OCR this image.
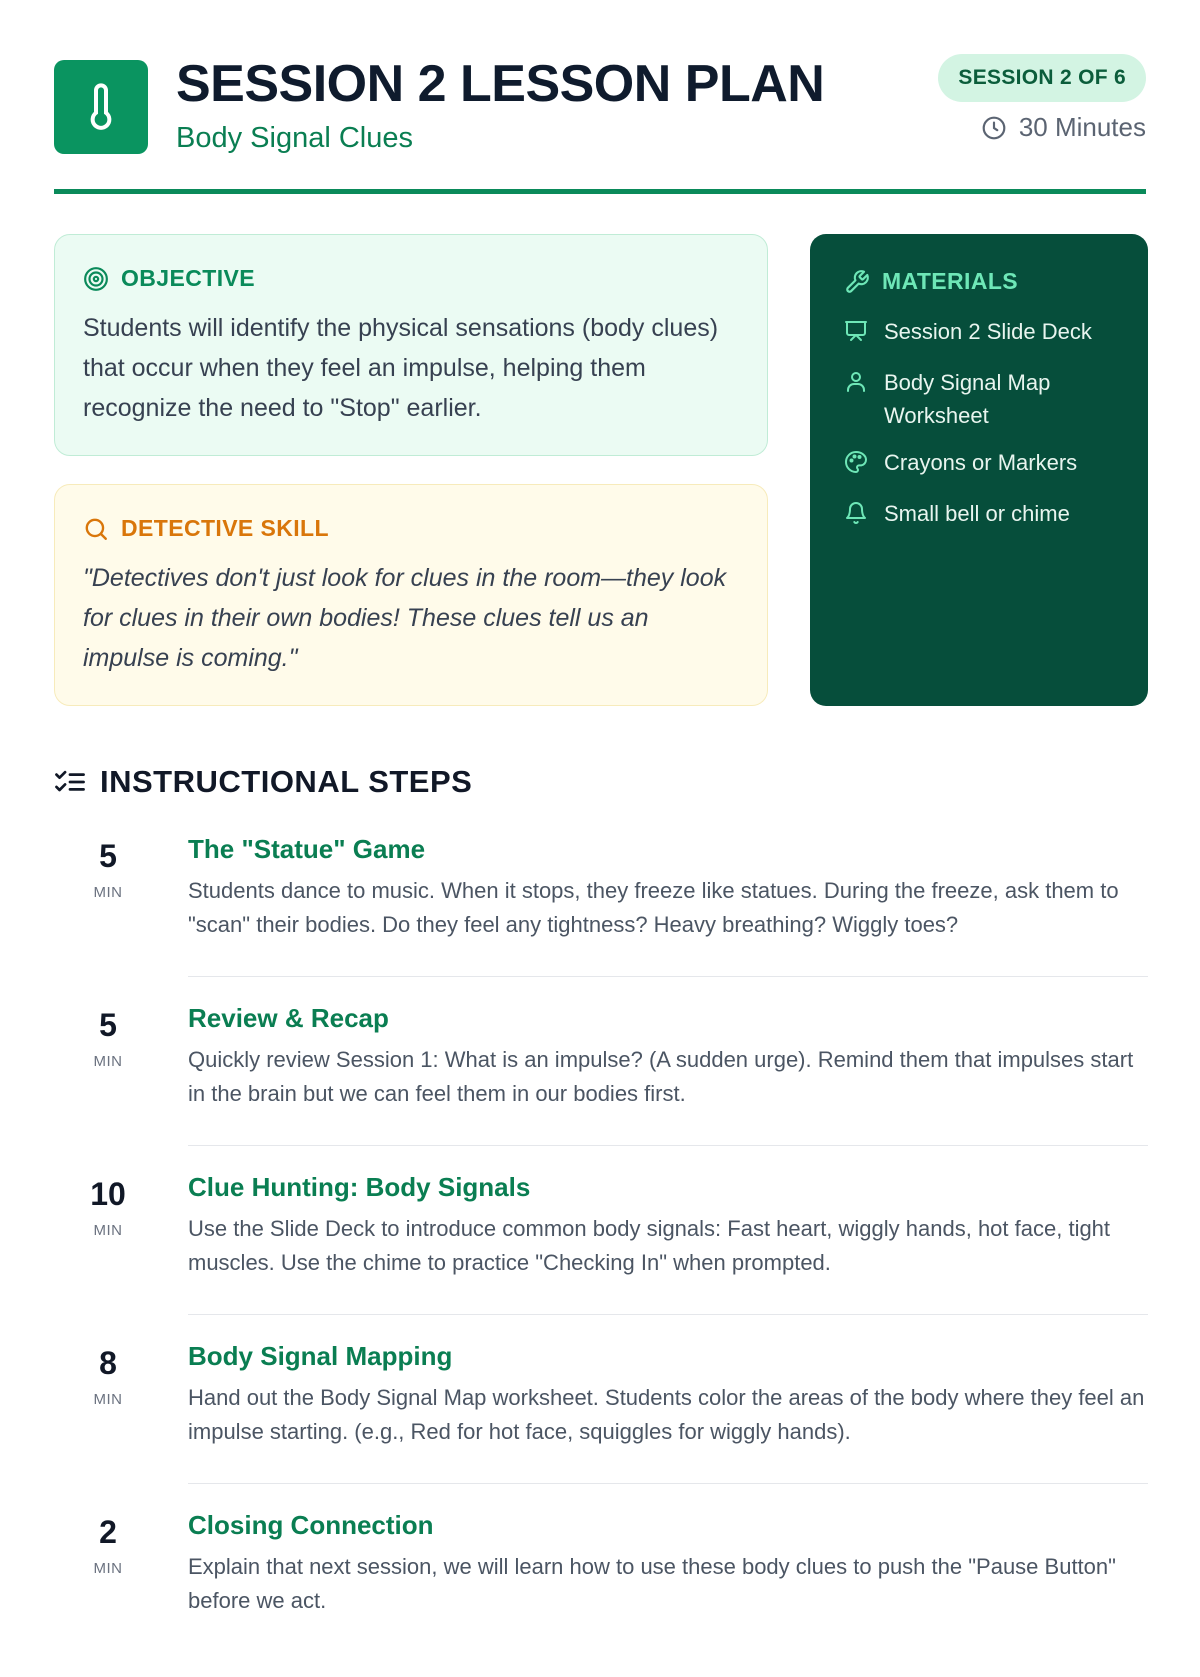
SESSION 2 LESSON PLAN
Body Signal Clues
SESSION 2 OF 6
30 Minutes
OBJECTIVE
Students will identify the physical sensations (body clues) that occur when they feel an impulse, helping them recognize the need to "Stop" earlier.
DETECTIVE SKILL
"Detectives don't just look for clues in the room—they look for clues in their own bodies! These clues tell us an impulse is coming."
MATERIALS
Session 2 Slide Deck
Body Signal Map Worksheet
Crayons or Markers
Small bell or chime
INSTRUCTIONAL STEPS
5
MIN
The "Statue" Game
Students dance to music. When it stops, they freeze like statues. During the freeze, ask them to "scan" their bodies. Do they feel any tightness? Heavy breathing? Wiggly toes?
5
MIN
Review & Recap
Quickly review Session 1: What is an impulse? (A sudden urge). Remind them that impulses start in the brain but we can feel them in our bodies first.
10
MIN
Clue Hunting: Body Signals
Use the Slide Deck to introduce common body signals: Fast heart, wiggly hands, hot face, tight muscles. Use the chime to practice "Checking In" when prompted.
8
MIN
Body Signal Mapping
Hand out the Body Signal Map worksheet. Students color the areas of the body where they feel an impulse starting. (e.g., Red for hot face, squiggles for wiggly hands).
2
MIN
Closing Connection
Explain that next session, we will learn how to use these body clues to push the "Pause Button" before we act.
